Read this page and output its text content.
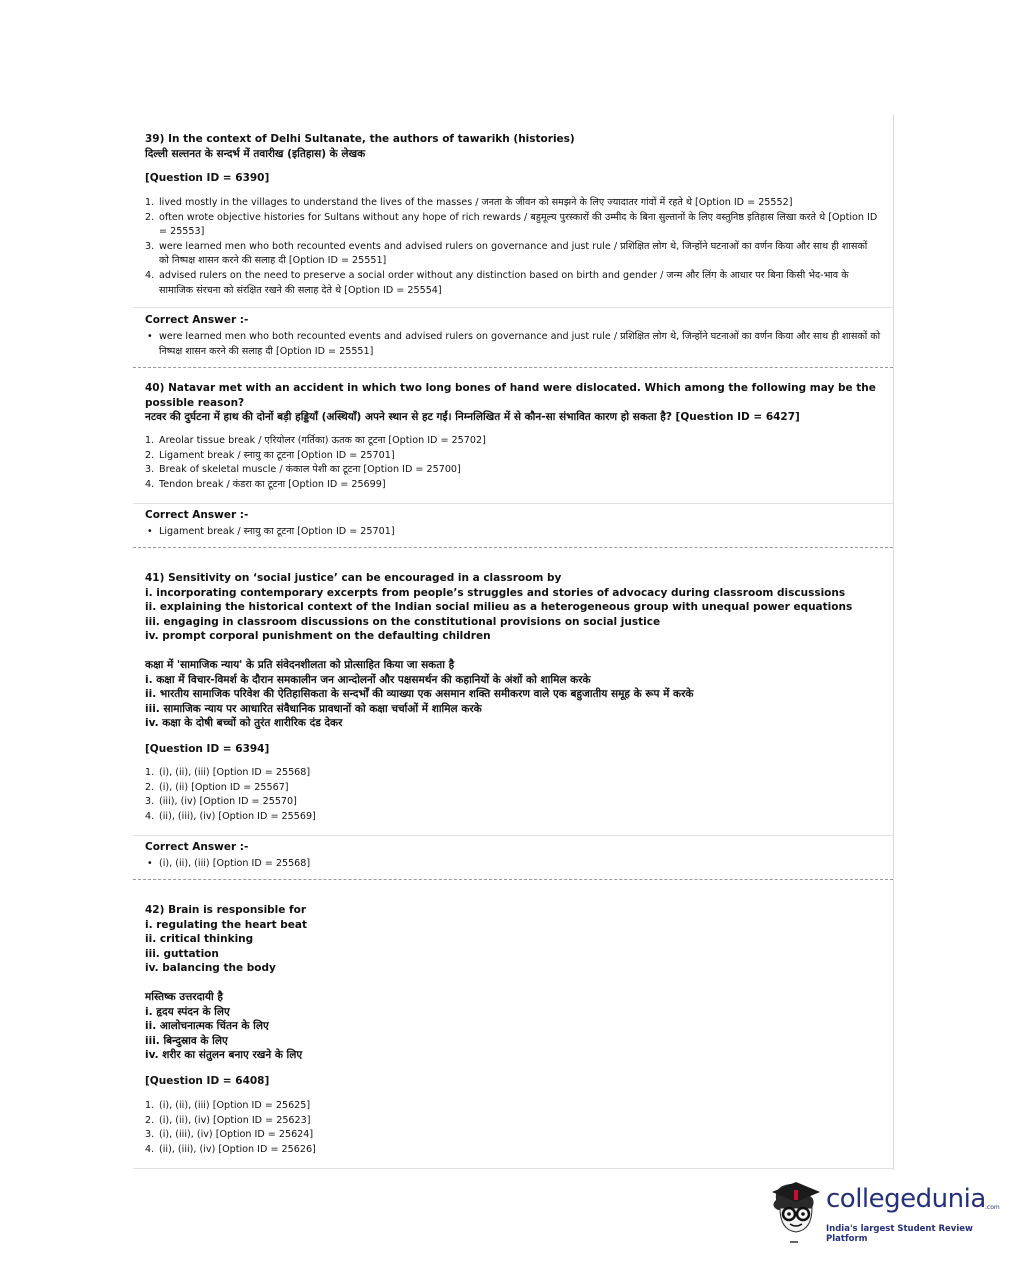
39) In the context of Delhi Sultanate, the authors of tawarikh (histories)
दिल्ली सल्तनत के सन्दर्भ में तवारीख (इतिहास) के लेखक
[Question ID = 6390]
1. lived mostly in the villages to understand the lives of the masses / जनता के जीवन को समझने के लिए ज्यादातर गांवों में रहते थे [Option ID = 25552]
2. often wrote objective histories for Sultans without any hope of rich rewards / बहुमूल्य पुरस्कारों की उम्मीद के बिना सुल्तानों के लिए वस्तुनिष्ठ इतिहास लिखा करते थे [Option ID = 25553]
3. were learned men who both recounted events and advised rulers on governance and just rule / प्रशिक्षित लोग थे, जिन्होंने घटनाओं का वर्णन किया और साथ ही शासकों को निष्पक्ष शासन करने की सलाह दी [Option ID = 25551]
4. advised rulers on the need to preserve a social order without any distinction based on birth and gender / जन्म और लिंग के आधार पर बिना किसी भेद-भाव के सामाजिक संरचना को संरक्षित रखने की सलाह देते थे [Option ID = 25554]
Correct Answer :-
• were learned men who both recounted events and advised rulers on governance and just rule / प्रशिक्षित लोग थे, जिन्होंने घटनाओं का वर्णन किया और साथ ही शासकों को निष्पक्ष शासन करने की सलाह दी [Option ID = 25551]
40) Natavar met with an accident in which two long bones of hand were dislocated. Which among the following may be the possible reason?
नटवर की दुर्घटना में हाथ की दोनों बड़ी हड्डियाँ (अस्थियाँ) अपने स्थान से हट गईं। निम्नलिखित में से कौन-सा संभावित कारण हो सकता है? [Question ID = 6427]
1. Areolar tissue break / एरियोलर (गर्तिका) ऊतक का टूटना [Option ID = 25702]
2. Ligament break / स्नायु का टूटना [Option ID = 25701]
3. Break of skeletal muscle / कंकाल पेशी का टूटना [Option ID = 25700]
4. Tendon break / कंडरा का टूटना [Option ID = 25699]
Correct Answer :-
• Ligament break / स्नायु का टूटना [Option ID = 25701]
41) Sensitivity on ‘social justice’ can be encouraged in a classroom by
i. incorporating contemporary excerpts from people’s struggles and stories of advocacy during classroom discussions
ii. explaining the historical context of the Indian social milieu as a heterogeneous group with unequal power equations
iii. engaging in classroom discussions on the constitutional provisions on social justice
iv. prompt corporal punishment on the defaulting children
कक्षा में 'सामाजिक न्याय' के प्रति संवेदनशीलता को प्रोत्साहित किया जा सकता है
i. कक्षा में विचार-विमर्श के दौरान समकालीन जन आन्दोलनों और पक्षसमर्थन की कहानियों के अंशों को शामिल करके
ii. भारतीय सामाजिक परिवेश की ऐतिहासिकता के सन्दर्भों की व्याख्या एक असमान शक्ति समीकरण वाले एक बहुजातीय समूह के रूप में करके
iii. सामाजिक न्याय पर आधारित संवैधानिक प्रावधानों को कक्षा चर्चाओं में शामिल करके
iv. कक्षा के दोषी बच्चों को तुरंत शारीरिक दंड देकर
[Question ID = 6394]
1. (i), (ii), (iii) [Option ID = 25568]
2. (i), (ii) [Option ID = 25567]
3. (iii), (iv) [Option ID = 25570]
4. (ii), (iii), (iv) [Option ID = 25569]
Correct Answer :-
• (i), (ii), (iii) [Option ID = 25568]
42) Brain is responsible for
i. regulating the heart beat
ii. critical thinking
iii. guttation
iv. balancing the body
मस्तिष्क उत्तरदायी है
i. हृदय स्पंदन के लिए
ii. आलोचनात्मक चिंतन के लिए
iii. बिन्दुस्राव के लिए
iv. शरीर का संतुलन बनाए रखने के लिए
[Question ID = 6408]
1. (i), (ii), (iii) [Option ID = 25625]
2. (i), (ii), (iv) [Option ID = 25623]
3. (i), (iii), (iv) [Option ID = 25624]
4. (ii), (iii), (iv) [Option ID = 25626]
collegedunia .com
India's largest Student Review Platform
